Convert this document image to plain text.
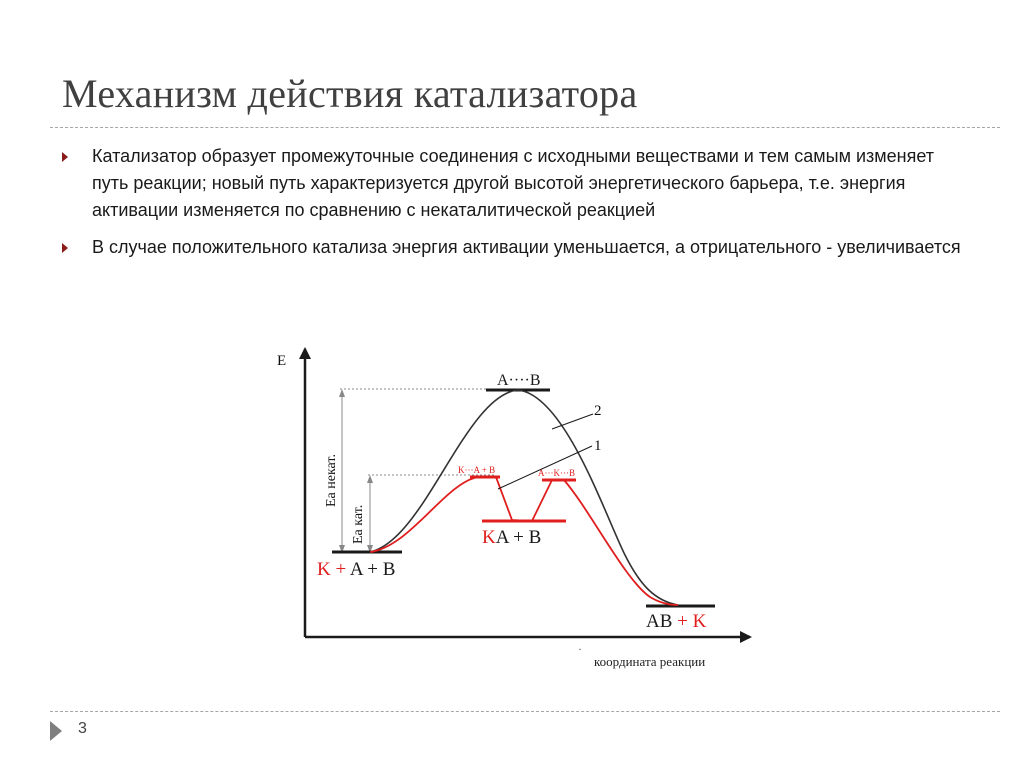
Механизм действия катализатора
Катализатор образует промежуточные соединения с исходными веществами и тем самым изменяет путь реакции; новый путь характеризуется другой высотой энергетического барьера, т.е. энергия активации изменяется по сравнению с некаталитической реакцией
В случае положительного катализа энергия активации уменьшается, а отрицательного - увеличивается
E
·
координата реакции
Eа некат.
Eа кат.
2
1
A····B
K···A + B	A···K···B
KA + B
K + A + B
AB + K
3
